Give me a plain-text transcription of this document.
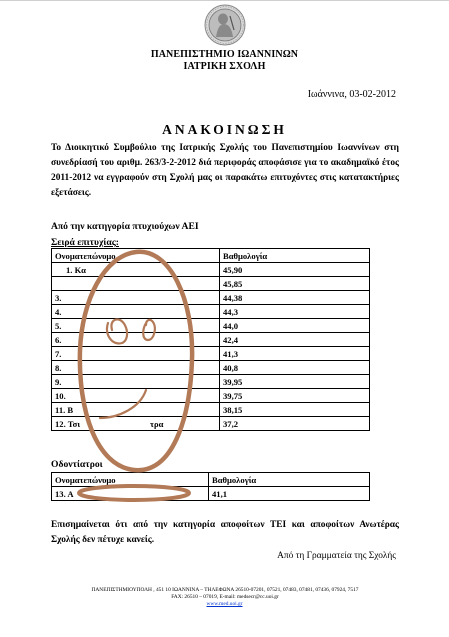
ΠΑΝΕΠΙΣΤΗΜΙΟ ΙΩΑΝΝΙΝΩΝ
ΙΑΤΡΙΚΗ ΣΧΟΛΗ
Ιωάννινα, 03-02-2012
ΑΝΑΚΟΙΝΩΣΗ
Το Διοικητικό Συμβούλιο της Ιατρικής Σχολής του Πανεπιστημίου Ιωαννίνων στη συνεδρίασή του αριθμ. 263/3-2-2012 διά περιφοράς αποφάσισε για το ακαδημαϊκό έτος 2011-2012 να εγγραφούν στη Σχολή μας οι παρακάτω επιτυχόντες στις κατατακτήριες εξετάσεις.
Από την κατηγορία πτυχιούχων ΑΕΙ
Σειρά επιτυχίας:
Ονοματεπώνυμο	Βαθμολογία
1. Κα	45,90
	45,85
3.	44,38
4.	44,3
5.	44,0
6.	42,4
7.	41,3
8.	40,8
9.	39,95
10.	39,75
11. Β	38,15
12. Τσι τρα	37,2
Οδοντίατροι
Ονοματεπώνυμο	Βαθμολογία
13. Α	41,1
Επισημαίνεται ότι από την κατηγορία αποφοίτων ΤΕΙ και αποφοίτων Ανωτέρας Σχολής δεν πέτυχε κανείς.
Από τη Γραμματεία της Σχολής
ΠΑΝΕΠΙΣΤΗΜΙΟΥΠΟΛΗ , 451 10 ΙΩΑΝΝΙΝΑ – ΤΗΛΕΦΩΝΑ 26510-07201, 07521, 07483, 07481, 07436, 07924, 7517
FAX: 26510 – 07019, E-mail: medsecr@cc.uoi.gr
www.med.uoi.gr
